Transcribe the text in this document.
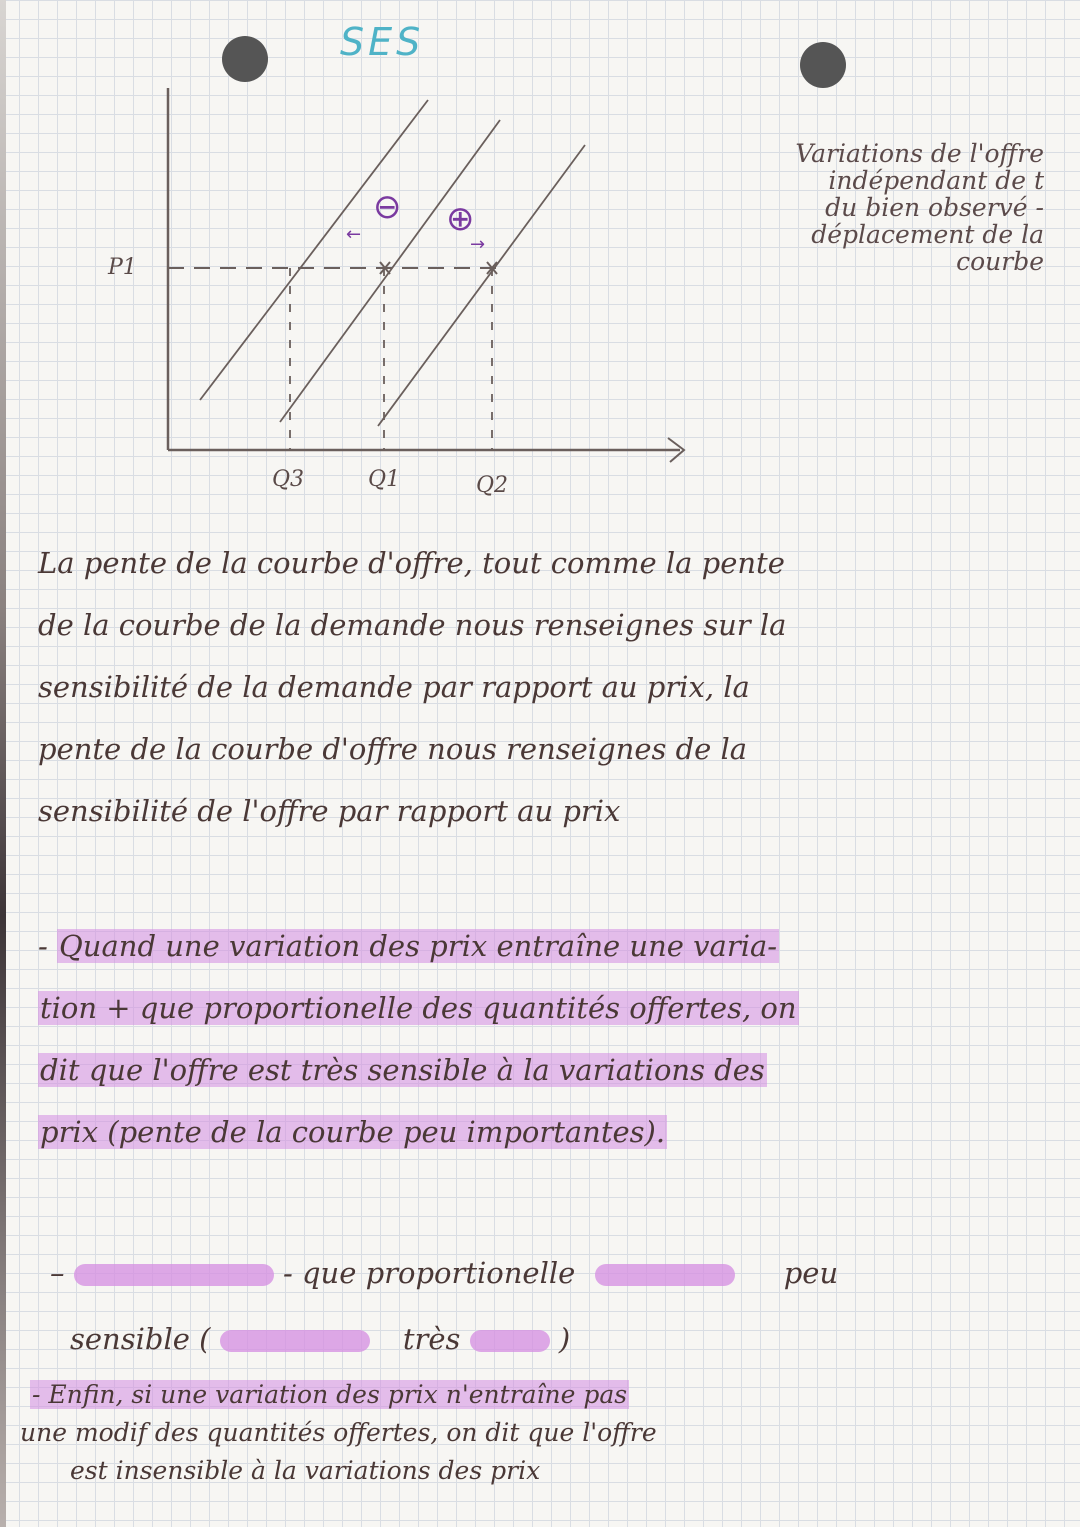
SES
P1
Q3	Q1	Q2
⊖
← ⊕
→
Variations de l'offre
indépendant de t
du bien observé -
déplacement de la
courbe
La pente de la courbe d'offre, tout comme la pente
de la courbe de la demande nous renseignes sur la
sensibilité de la demande par rapport au prix, la
pente de la courbe d'offre nous renseignes de la
sensibilité de l'offre par rapport au prix
- Quand une variation des prix entraîne une varia-
tion + que proportionelle des quantités offertes, on
dit que l'offre est très sensible à la variations des
prix (pente de la courbe peu importantes).
–	- que proportionelle	peu
sensible (	très	)
- Enfin, si une variation des prix n'entraîne pas
une modif des quantités offertes, on dit que l'offre
est insensible à la variations des prix
